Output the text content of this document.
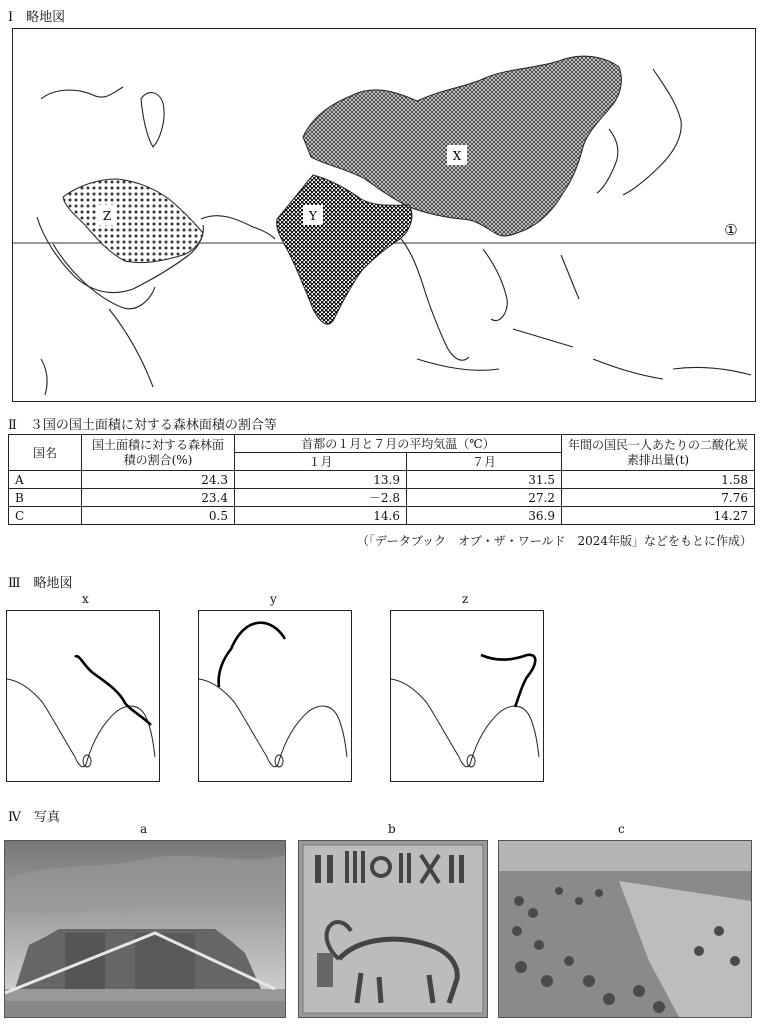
Ⅰ　略地図
X
Y
Z
①
Ⅱ　３国の国土面積に対する森林面積の割合等
国名	国土面積に対する森林面積の割合(%)	首都の１月と７月の平均気温（℃）		年間の国民一人あたりの二酸化炭素排出量(t)
		１月	７月	
A	24.3	13.9	31.5	1.58
B	23.4	－2.8	27.2	7.76
C	0.5	14.6	36.9	14.27
（「データブック　オブ・ザ・ワールド　2024年版」などをもとに作成）
Ⅲ　略地図
x	y	z
Ⅳ　写真
a	b	c
